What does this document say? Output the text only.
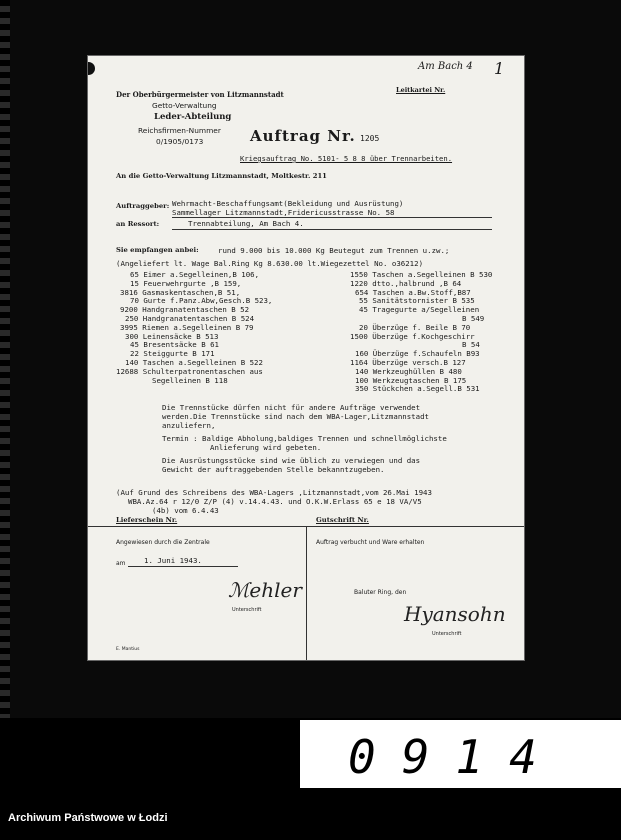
Der Oberbürgermeister von Litzmannstadt
Getto-Verwaltung
Leder-Abteilung
Reichsfirmen-Nummer
0/1905/0173
Am Bach 4 1
Leitkartei Nr.
Auftrag Nr. 1205
Kriegsauftrag No. 5101- 5 8 8 über Trennarbeiten.
An die Getto-Verwaltung Litzmannstadt, Moltkestr. 211
Auftraggeber: Wehrmacht-Beschaffungsamt(Bekleidung und Ausrüstung)
Sammellager Litzmannstadt,Fridericusstrasse No. 58
an Ressort:	Trennabteilung, Am Bach 4.
Sie empfangen anbei:	rund 9.000 bis 10.000 Kg Beutegut zum Trennen u.zw.;
(Angeliefert lt. Wage Bal.Ring Kg 8.630.00 lt.Wiegezettel No. o36212)
65 Eimer a.Segelleinen,B 106,
15 Feuerwehrgurte ,B 159,
3816 Gasmaskentaschen,B 51,
70 Gurte f.Panz.Abw,Gesch.B 523,
9200 Handgranatentaschen B 52
250 Handgranatentaschen B 524
3995 Riemen a.Segelleinen B 79
300 Leinensäcke B 513
45 Bresentsäcke B 61
22 Steiggurte B 171
140 Taschen a.Segelleinen B 522
12688 Schulterpatronentaschen aus
Segelleinen B 118
1550 Taschen a.Segelleinen B 530
1220 dtto.,halbrund ,B 64
654 Taschen a.Bw.Stoff,B87
55 Sanitätstornister B 535
45 Tragegurte a/Segelleinen
B 549
20 Überzüge f. Beile B 70
1500 Überzüge f.Kochgeschirr
B 54
160 Überzüge f.Schaufeln B93
1164 Überzüge versch.B 127
140 Werkzeughüllen B 480
100 Werkzeugtaschen B 175
350 Stückchen a.Segell.B 531
Die Trennstücke dürfen nicht für andere Aufträge verwendet
werden.Die Trennstücke sind nach dem WBA-Lager,Litzmannstadt
anzuliefern,
Termin : Baldige Abholung,baldiges Trennen und schnellmöglichste
Anlieferung wird gebeten.
Die Ausrüstungsstücke sind wie üblich zu verwiegen und das
Gewicht der auftraggebenden Stelle bekanntzugeben.
(Auf Grund des Schreibens des WBA-Lagers ,Litzmannstadt,vom 26.Mai 1943
WBA.Az.64 r 12/0 Z/P (4) v.14.4.43. und O.K.W.Erlass 65 e 18 VA/V5
(4b) vom 6.4.43
Lieferschein Nr.	Gutschrift Nr.
Angewiesen durch die Zentrale
am 1. Juni 1943.
ℳehler
Unterschrift
Auftrag verbucht und Ware erhalten
Baluter Ring, den
Hyansohn
Unterschrift
E. Mantius
0914
Archiwum Państwowe w Łodzi
